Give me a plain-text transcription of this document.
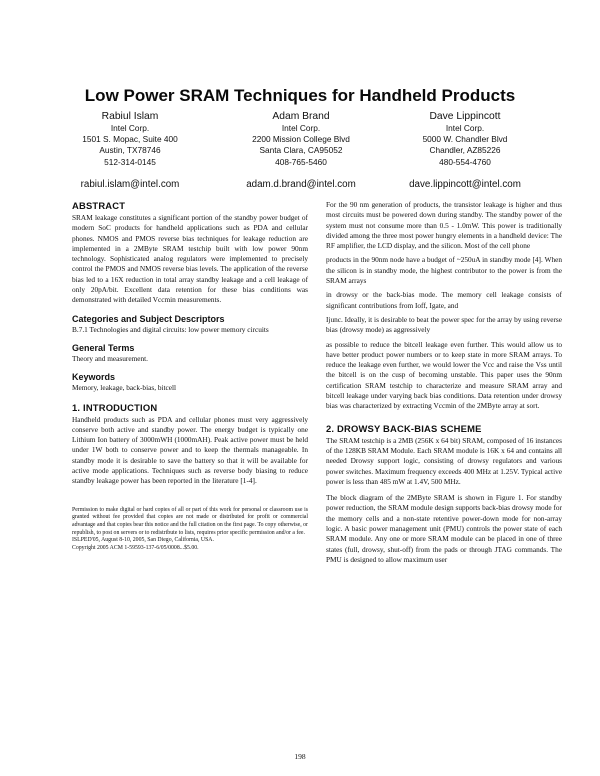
Low Power SRAM Techniques for Handheld Products
Rabiul Islam
Intel Corp.
1501 S. Mopac, Suite 400
Austin, TX78746
512-314-0145
rabiul.islam@intel.com
Adam Brand
Intel Corp.
2200 Mission College Blvd
Santa Clara, CA95052
408-765-5460
adam.d.brand@intel.com
Dave Lippincott
Intel Corp.
5000 W. Chandler Blvd
Chandler, AZ85226
480-554-4760
dave.lippincott@intel.com
ABSTRACT

SRAM leakage constitutes a significant portion of the standby power budget of modern SoC products for handheld applications such as PDA and cellular phones. NMOS and PMOS reverse bias techniques for leakage reduction are implemented in a 2MByte SRAM testchip built with low power 90nm technology. Sophisticated analog regulators were implemented to precisely control the PMOS and NMOS reverse bias levels. The application of the reverse bias led to a 16X reduction in total array standby leakage and a cell leakage of only 20pA/bit. Excellent data retention for these bias conditions was demonstrated with detailed Vccmin measurements.

Categories and Subject Descriptors

B.7.1 Technologies and digital circuits: low power memory circuits

General Terms

Theory and measurement.

Keywords

Memory, leakage, back-bias, bitcell

1. INTRODUCTION

Handheld products such as PDA and cellular phones must very aggressively conserve both active and standby power. The energy budget is typically one Lithium Ion battery of 3000mWH (1000mAH). Peak active power must be held under 1W both to conserve power and to keep the thermals manageable. In standby mode it is desirable to save the battery so that it will be available for active mode applications. Techniques such as reverse body biasing to reduce standby leakage power has been reported in the literature [1-4].

Permission to make digital or hard copies of all or part of this work for personal or classroom use is granted without fee provided that copies are not made or distributed for profit or commercial advantage and that copies bear this notice and the full citation on the first page. To copy otherwise, or republish, to post on servers or to redistribute to lists, requires prior specific permission and/or a fee.

ISLPED'05, August 8-10, 2005, San Diego, California, USA.

Copyright 2005 ACM 1-59593-137-6/05/0008...$5.00.

For the 90 nm generation of products, the transistor leakage is higher and thus most circuits must be powered down during standby. The standby power of the system must not consume more than 0.5 - 1.0mW. This power is traditionally divided among the three most power hungry elements in a handheld device: The RF amplifier, the LCD display, and the silicon. Most of the cell phone

products in the 90nm node have a budget of ~250uA in standby mode [4]. When the silicon is in standby mode, the highest contributor to the power is from the SRAM arrays

in drowsy or the back-bias mode. The memory cell leakage consists of significant contributions from Ioff, Igate, and

Ijunc. Ideally, it is desirable to beat the power spec for the array by using reverse bias (drowsy mode) as aggressively

as possible to reduce the bitcell leakage even further. This would allow us to have better product power numbers or to keep state in more SRAM arrays. To reduce the leakage even further, we would lower the Vcc and raise the Vss until the bitcell is on the cusp of becoming unstable. This paper uses the 90nm certification SRAM testchip to characterize and measure SRAM array and bitcell leakage under varying back bias conditions. Data retention under drowsy bias was characterized by extracting Vccmin of the 2MByte array at sort.

2. DROWSY BACK-BIAS SCHEME

The SRAM testchip is a 2MB (256K x 64 bit) SRAM, composed of 16 instances of the 128KB SRAM Module. Each SRAM module is 16K x 64 and contains all needed Drowsy support logic, consisting of drowsy regulators and various power switches. Maximum frequency exceeds 400 MHz at 1.25V. Typical active power is less than 485 mW at 1.4V, 500 MHz.

The block diagram of the 2MByte SRAM is shown in Figure 1. For standby power reduction, the SRAM module design supports back-bias drowsy mode for the memory cells and a non-state retentive power-down mode for non-array logic. A basic power management unit (PMU) controls the power state of each SRAM module. Any one or more SRAM module can be placed in one of three states (full, drowsy, shut-off) from the pads or through JTAG commands. The PMU is designed to allow maximum user

198
